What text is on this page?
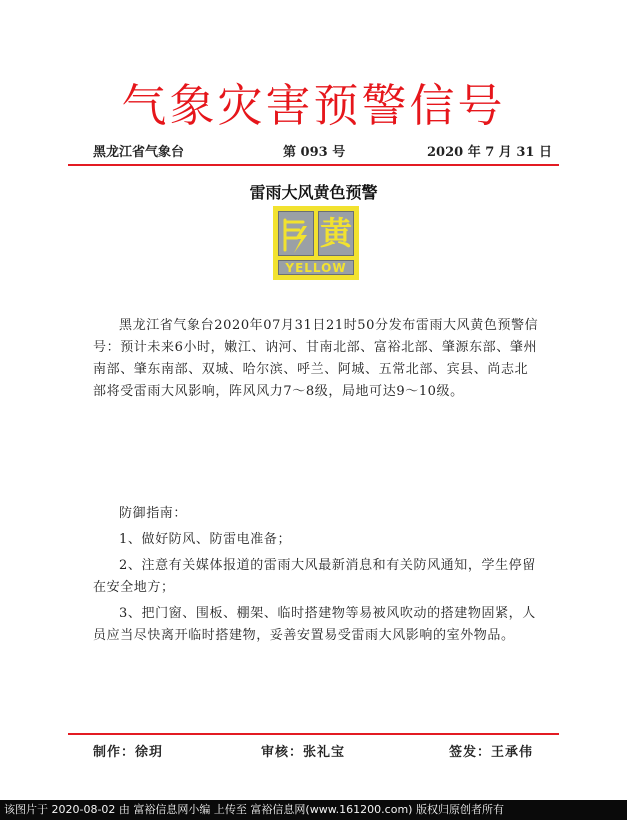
气象灾害预警信号
黑龙江省气象台	第 093 号	2020 年 7 月 31 日
雷雨大风黄色预警
黄
YELLOW

黑龙江省气象台2020年07月31日21时50分发布雷雨大风黄色预警信号：预计未来6小时，嫩江、讷河、甘南北部、富裕北部、肇源东部、肇州南部、肇东南部、双城、哈尔滨、呼兰、阿城、五常北部、宾县、尚志北部将受雷雨大风影响，阵风风力7～8级，局地可达9～10级。

防御指南：

1、做好防风、防雷电准备；

2、注意有关媒体报道的雷雨大风最新消息和有关防风通知，学生停留在安全地方；

3、把门窗、围板、棚架、临时搭建物等易被风吹动的搭建物固紧，人员应当尽快离开临时搭建物，妥善安置易受雷雨大风影响的室外物品。

制作：徐玥	审核：张礼宝	签发：王承伟
该图片于 2020-08-02 由 富裕信息网小编 上传至 富裕信息网(www.161200.com) 版权归原创者所有
